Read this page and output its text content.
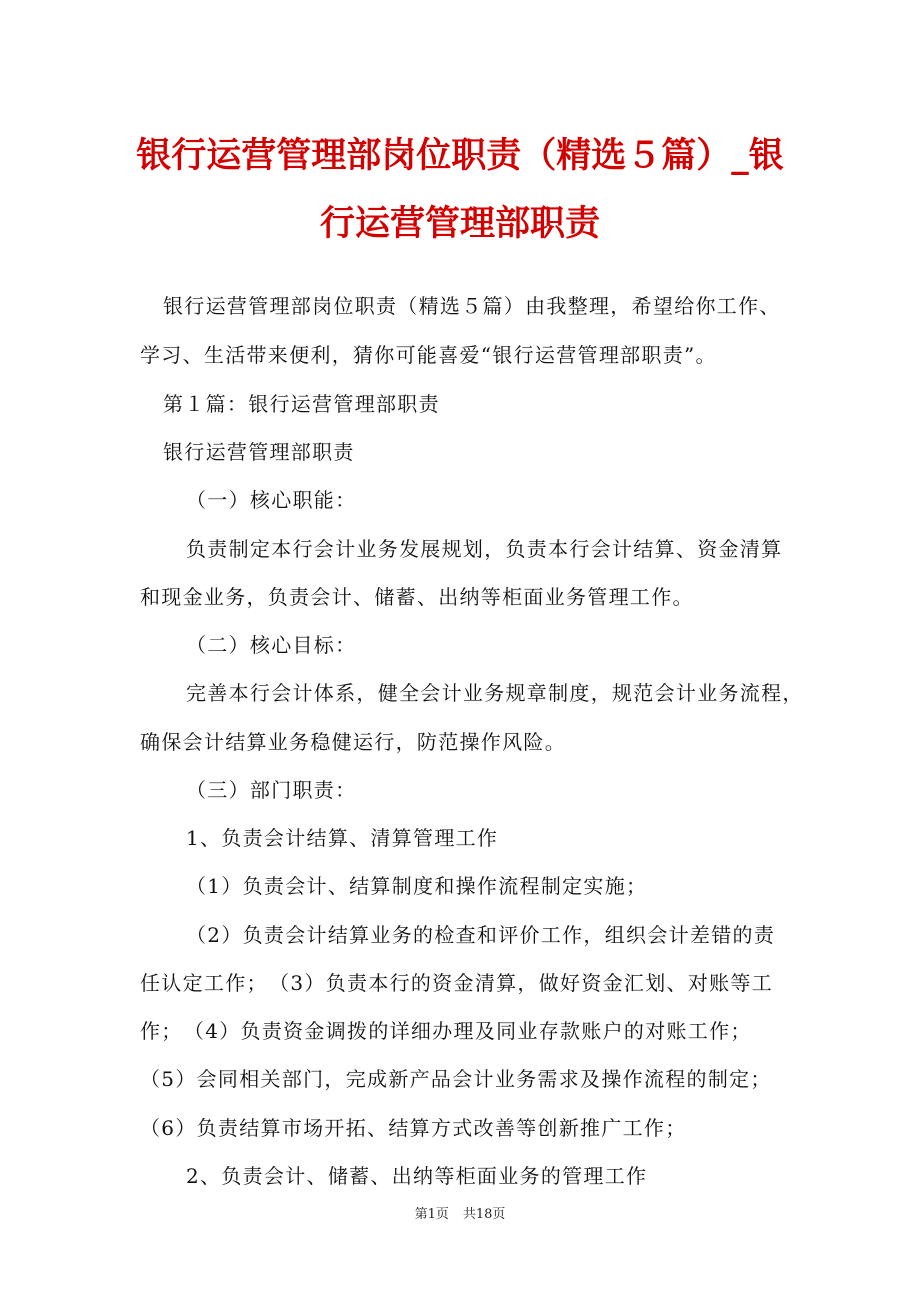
银行运营管理部岗位职责（精选５篇）_银
行运营管理部职责
银行运营管理部岗位职责（精选５篇）由我整理，希望给你工作、
学习、生活带来便利，猜你可能喜爱“银行运营管理部职责”。
第１篇：银行运营管理部职责
银行运营管理部职责
（一）核心职能：
负责制定本行会计业务发展规划，负责本行会计结算、资金清算
和现金业务，负责会计、储蓄、出纳等柜面业务管理工作。
（二）核心目标：
完善本行会计体系，健全会计业务规章制度，规范会计业务流程，
确保会计结算业务稳健运行，防范操作风险。
（三）部门职责：
1、负责会计结算、清算管理工作
（1）负责会计、结算制度和操作流程制定实施；
（2）负责会计结算业务的检查和评价工作，组织会计差错的责
任认定工作；　（3）负责本行的资金清算，做好资金汇划、对账等工
作；　（4）负责资金调拨的详细办理及同业存款账户的对账工作；
（5）会同相关部门，完成新产品会计业务需求及操作流程的制定；
（6）负责结算市场开拓、结算方式改善等创新推广工作；
2、负责会计、储蓄、出纳等柜面业务的管理工作
第1页 共18页
